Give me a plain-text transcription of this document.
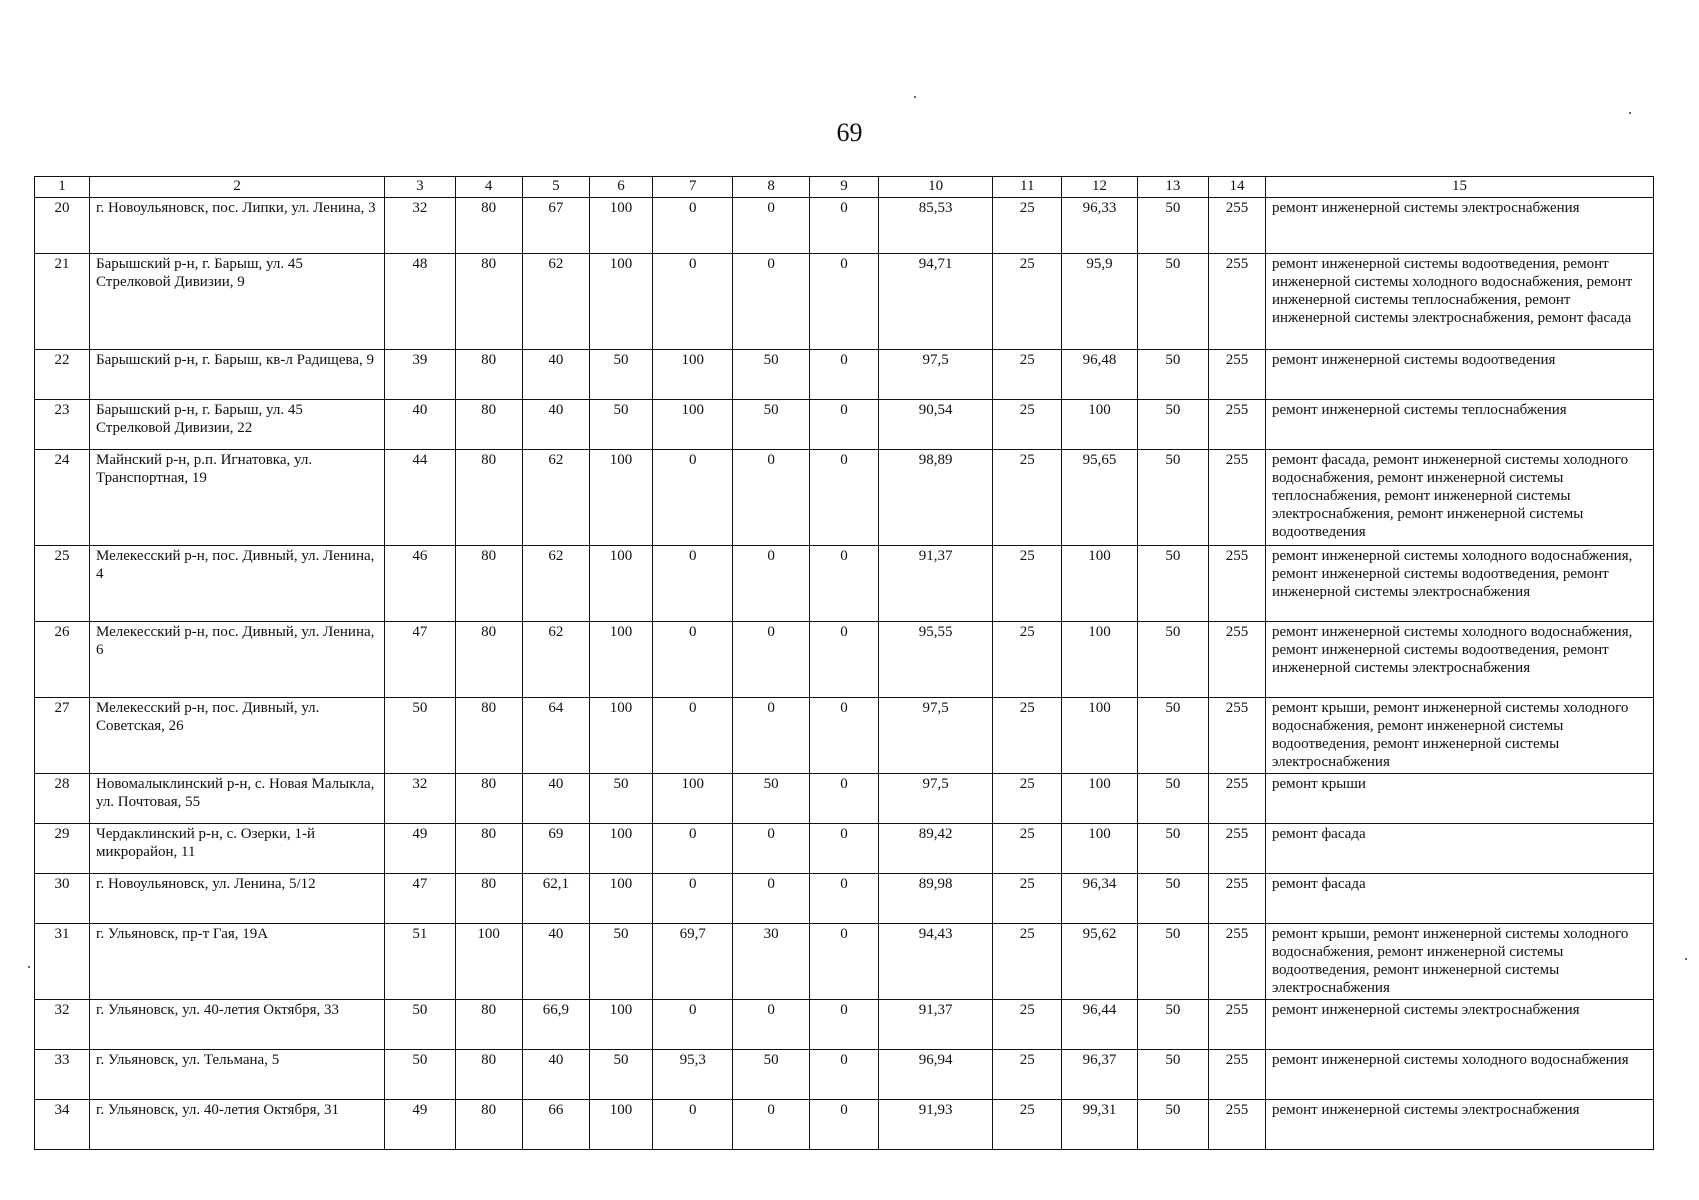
69
1	2	3	4	5	6	7	8	9	10	11	12	13	14	15
20	г. Новоульяновск, пос. Липки, ул. Ленина, 3	32	80	67	100	0	0	0	85,53	25	96,33	50	255	ремонт инженерной системы электроснабжения
21	Барышский р-н, г. Барыш, ул. 45 Стрелковой Дивизии, 9	48	80	62	100	0	0	0	94,71	25	95,9	50	255	ремонт инженерной системы водоотведения, ремонт инженерной системы холодного водоснабжения, ремонт инженерной системы теплоснабжения, ремонт инженерной системы электроснабжения, ремонт фасада
22	Барышский р-н, г. Барыш, кв-л Радищева, 9	39	80	40	50	100	50	0	97,5	25	96,48	50	255	ремонт инженерной системы водоотведения
23	Барышский р-н, г. Барыш, ул. 45 Стрелковой Дивизии, 22	40	80	40	50	100	50	0	90,54	25	100	50	255	ремонт инженерной системы теплоснабжения
24	Майнский р-н, р.п. Игнатовка, ул. Транспортная, 19	44	80	62	100	0	0	0	98,89	25	95,65	50	255	ремонт фасада, ремонт инженерной системы холодного водоснабжения, ремонт инженерной системы теплоснабжения, ремонт инженерной системы электроснабжения, ремонт инженерной системы водоотведения
25	Мелекесский р-н, пос. Дивный, ул. Ленина, 4	46	80	62	100	0	0	0	91,37	25	100	50	255	ремонт инженерной системы холодного водоснабжения, ремонт инженерной системы водоотведения, ремонт инженерной системы электроснабжения
26	Мелекесский р-н, пос. Дивный, ул. Ленина, 6	47	80	62	100	0	0	0	95,55	25	100	50	255	ремонт инженерной системы холодного водоснабжения, ремонт инженерной системы водоотведения, ремонт инженерной системы электроснабжения
27	Мелекесский р-н, пос. Дивный, ул. Советская, 26	50	80	64	100	0	0	0	97,5	25	100	50	255	ремонт крыши, ремонт инженерной системы холодного водоснабжения, ремонт инженерной системы водоотведения, ремонт инженерной системы электроснабжения
28	Новомалыклинский р-н, с. Новая Малыкла, ул. Почтовая, 55	32	80	40	50	100	50	0	97,5	25	100	50	255	ремонт крыши
29	Чердаклинский р-н, с. Озерки, 1-й микрорайон, 11	49	80	69	100	0	0	0	89,42	25	100	50	255	ремонт фасада
30	г. Новоульяновск, ул. Ленина, 5/12	47	80	62,1	100	0	0	0	89,98	25	96,34	50	255	ремонт фасада
31	г. Ульяновск, пр-т Гая, 19А	51	100	40	50	69,7	30	0	94,43	25	95,62	50	255	ремонт крыши, ремонт инженерной системы холодного водоснабжения, ремонт инженерной системы водоотведения, ремонт инженерной системы электроснабжения
32	г. Ульяновск, ул. 40-летия Октября, 33	50	80	66,9	100	0	0	0	91,37	25	96,44	50	255	ремонт инженерной системы электроснабжения
33	г. Ульяновск, ул. Тельмана, 5	50	80	40	50	95,3	50	0	96,94	25	96,37	50	255	ремонт инженерной системы холодного водоснабжения
34	г. Ульяновск, ул. 40-летия Октября, 31	49	80	66	100	0	0	0	91,93	25	99,31	50	255	ремонт инженерной системы электроснабжения
